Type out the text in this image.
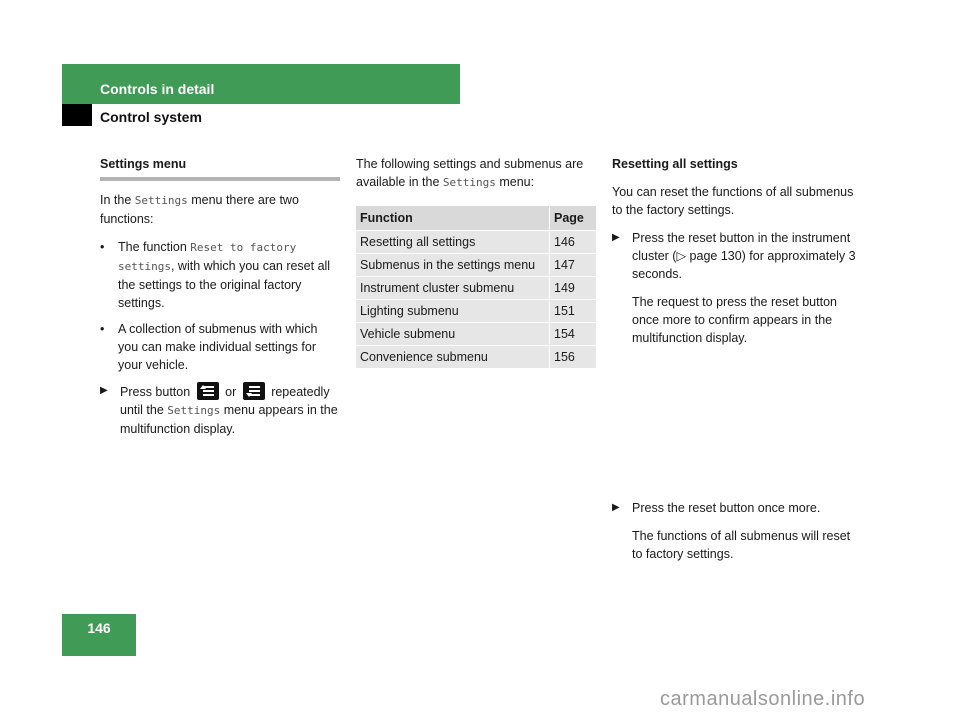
Controls in detail
Control system
Settings menu

In the Settings menu there are two functions:

• The function Reset to factory settings, with which you can reset all the settings to the original factory settings.
• A collection of submenus with which you can make individual settings for your vehicle.
▶ Press button  or  repeatedly until the Settings menu appears in the multifunction display.

The following settings and submenus are available in the Settings menu:

Function	Page
Resetting all settings	146
Submenus in the settings menu	147
Instrument cluster submenu	149
Lighting submenu	151
Vehicle submenu	154
Convenience submenu	156
Resetting all settings

You can reset the functions of all submenus to the factory settings.

▶ Press the reset button in the instrument cluster (▷ page 130) for approximately 3 seconds.

The request to press the reset button once more to confirm appears in the multifunction display.

▶ Press the reset button once more.

The functions of all submenus will reset to factory settings.

146
carmanualsonline.info
